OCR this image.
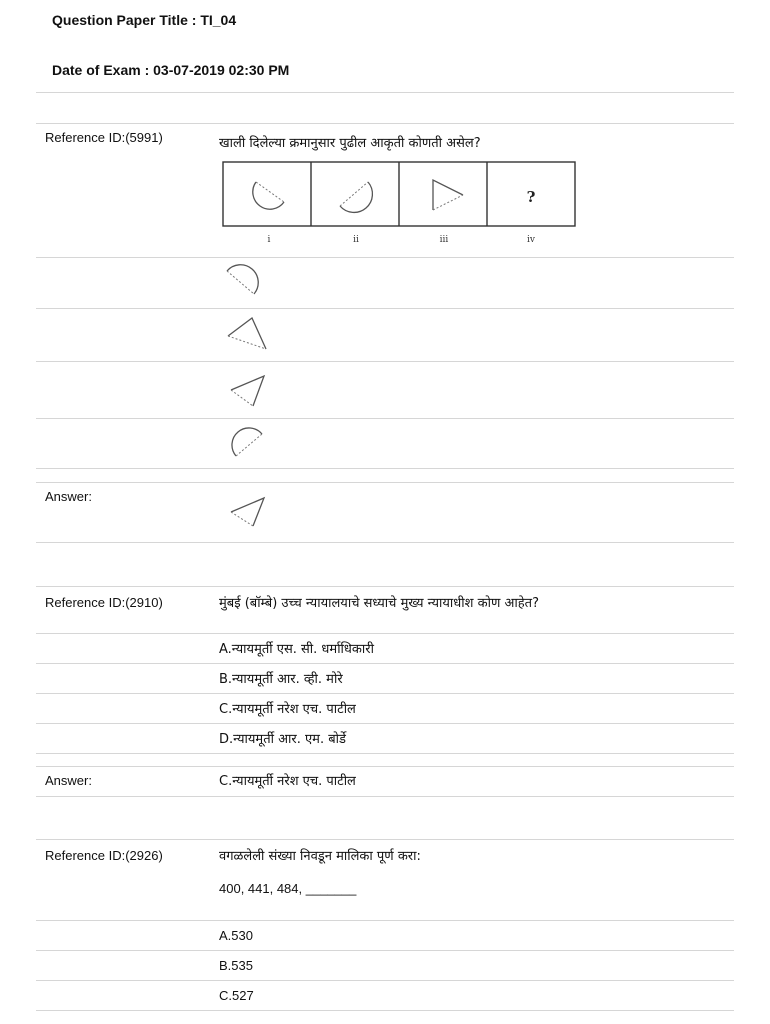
Question Paper Title : TI_04
Date of Exam : 03-07-2019 02:30 PM
Reference ID:(5991)	खाली दिलेल्या क्रमानुसार पुढील आकृती कोणती असेल?
?
i	ii	iii	iv
Answer:
Reference ID:(2910)	मुंबई (बॉम्बे) उच्च न्यायालयाचे सध्याचे मुख्य न्यायाधीश कोण आहेत?
A.न्यायमूर्ती एस. सी. धर्माधिकारी
B.न्यायमूर्ती आर. व्ही. मोरे
C.न्यायमूर्ती नरेश एच. पाटील
D.न्यायमूर्ती आर. एम. बोर्डे
Answer:	C.न्यायमूर्ती नरेश एच. पाटील
Reference ID:(2926)	वगळलेली संख्या निवडून मालिका पूर्ण करा:
400, 441, 484, _______
A.530
B.535
C.527
